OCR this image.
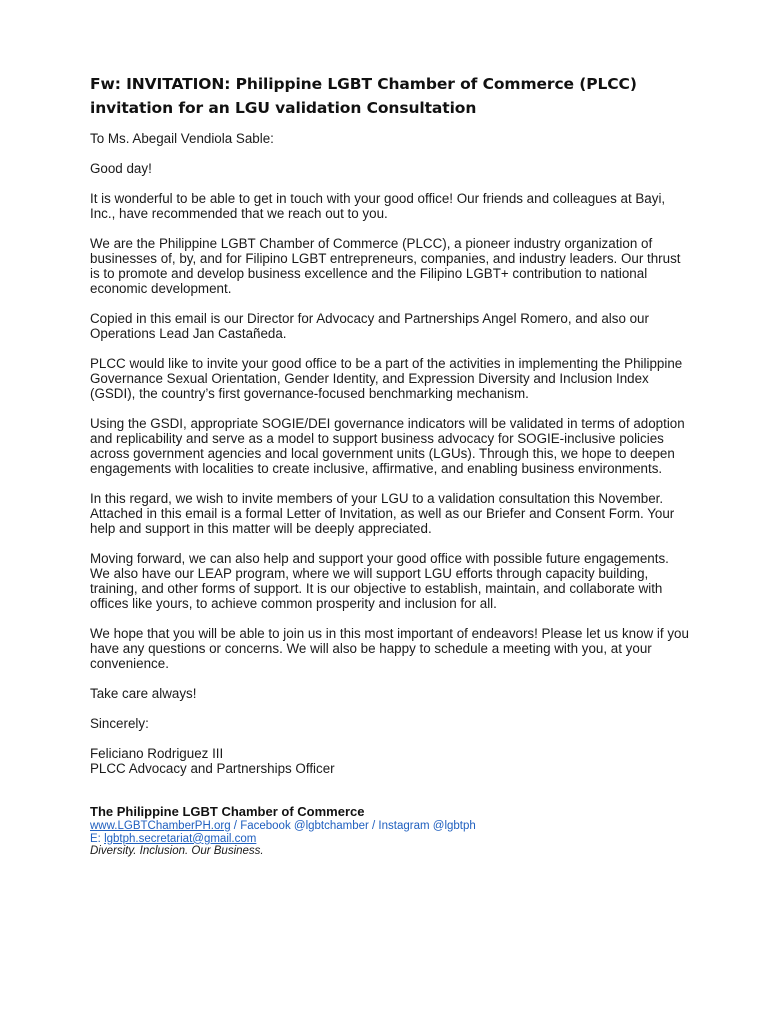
Fw: INVITATION: Philippine LGBT Chamber of Commerce (PLCC)
invitation for an LGU validation Consultation

To Ms. Abegail Vendiola Sable:

Good day!

It is wonderful to be able to get in touch with your good office! Our friends and colleagues at Bayi, Inc., have recommended that we reach out to you.

We are the Philippine LGBT Chamber of Commerce (PLCC), a pioneer industry organization of businesses of, by, and for Filipino LGBT entrepreneurs, companies, and industry leaders. Our thrust is to promote and develop business excellence and the Filipino LGBT+ contribution to national economic development.

Copied in this email is our Director for Advocacy and Partnerships Angel Romero, and also our Operations Lead Jan Castañeda.

PLCC would like to invite your good office to be a part of the activities in implementing the Philippine Governance Sexual Orientation, Gender Identity, and Expression Diversity and Inclusion Index (GSDI), the country’s first governance-focused benchmarking mechanism.

Using the GSDI, appropriate SOGIE/DEI governance indicators will be validated in terms of adoption and replicability and serve as a model to support business advocacy for SOGIE-inclusive policies across government agencies and local government units (LGUs). Through this, we hope to deepen engagements with localities to create inclusive, affirmative, and enabling business environments.

In this regard, we wish to invite members of your LGU to a validation consultation this November. Attached in this email is a formal Letter of Invitation, as well as our Briefer and Consent Form. Your help and support in this matter will be deeply appreciated.

Moving forward, we can also help and support your good office with possible future engagements. We also have our LEAP program, where we will support LGU efforts through capacity building, training, and other forms of support. It is our objective to establish, maintain, and collaborate with offices like yours, to achieve common prosperity and inclusion for all.

We hope that you will be able to join us in this most important of endeavors! Please let us know if you have any questions or concerns. We will also be happy to schedule a meeting with you, at your convenience.

Take care always!

Sincerely:

Feliciano Rodriguez III

PLCC Advocacy and Partnerships Officer

The Philippine LGBT Chamber of Commerce
www.LGBTChamberPH.org / Facebook @lgbtchamber / Instagram @lgbtph
E: lgbtph.secretariat@gmail.com
Diversity. Inclusion. Our Business.
